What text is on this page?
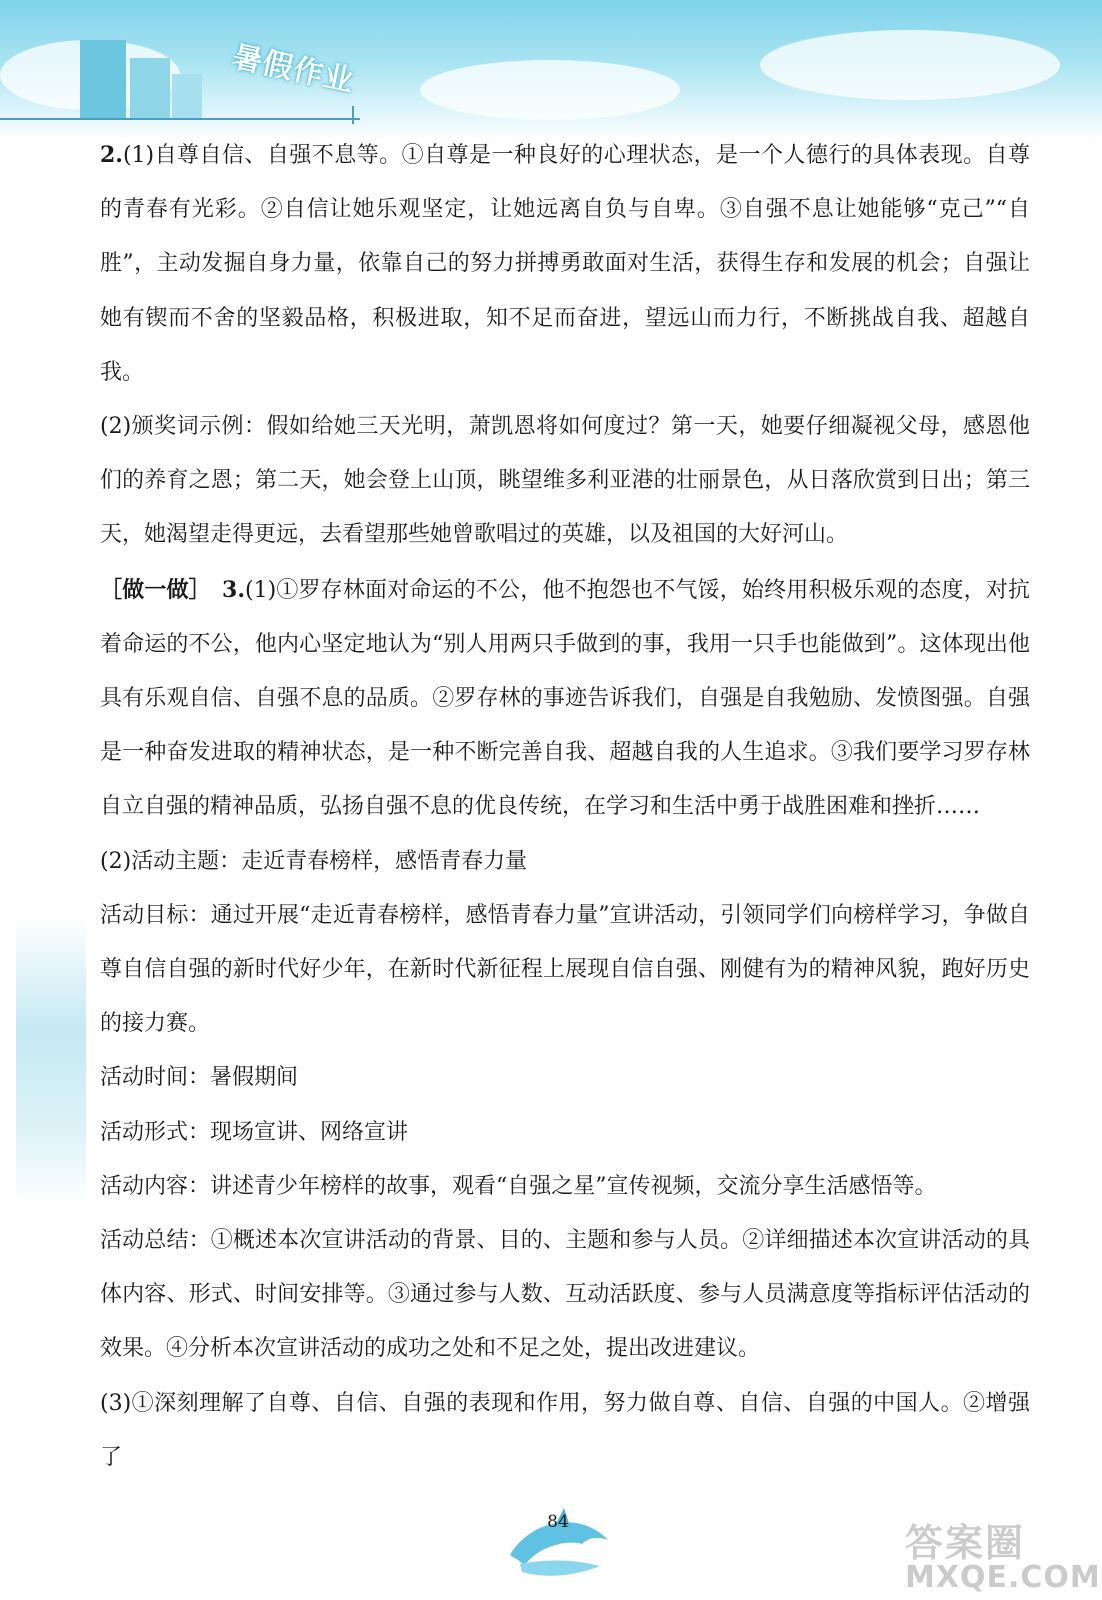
暑假作业

2.(1)自尊自信、自强不息等。①自尊是一种良好的心理状态，是一个人德行的具体表现。自尊的青春有光彩。②自信让她乐观坚定，让她远离自负与自卑。③自强不息让她能够“克己”“自胜”，主动发掘自身力量，依靠自己的努力拼搏勇敢面对生活，获得生存和发展的机会；自强让她有锲而不舍的坚毅品格，积极进取，知不足而奋进，望远山而力行，不断挑战自我、超越自我。

(2)颁奖词示例：假如给她三天光明，萧凯恩将如何度过？第一天，她要仔细凝视父母，感恩他们的养育之恩；第二天，她会登上山顶，眺望维多利亚港的壮丽景色，从日落欣赏到日出；第三天，她渴望走得更远，去看望那些她曾歌唱过的英雄，以及祖国的大好河山。

［做一做］　3.(1)①罗存林面对命运的不公，他不抱怨也不气馁，始终用积极乐观的态度，对抗着命运的不公，他内心坚定地认为“别人用两只手做到的事，我用一只手也能做到”。这体现出他具有乐观自信、自强不息的品质。②罗存林的事迹告诉我们，自强是自我勉励、发愤图强。自强是一种奋发进取的精神状态，是一种不断完善自我、超越自我的人生追求。③我们要学习罗存林自立自强的精神品质，弘扬自强不息的优良传统，在学习和生活中勇于战胜困难和挫折……

(2)活动主题：走近青春榜样，感悟青春力量

活动目标：通过开展“走近青春榜样，感悟青春力量”宣讲活动，引领同学们向榜样学习，争做自尊自信自强的新时代好少年，在新时代新征程上展现自信自强、刚健有为的精神风貌，跑好历史的接力赛。

活动时间：暑假期间

活动形式：现场宣讲、网络宣讲

活动内容：讲述青少年榜样的故事，观看“自强之星”宣传视频，交流分享生活感悟等。

活动总结：①概述本次宣讲活动的背景、目的、主题和参与人员。②详细描述本次宣讲活动的具体内容、形式、时间安排等。③通过参与人数、互动活跃度、参与人员满意度等指标评估活动的效果。④分析本次宣讲活动的成功之处和不足之处，提出改进建议。

(3)①深刻理解了自尊、自信、自强的表现和作用，努力做自尊、自信、自强的中国人。②增强了

84	答案圈
MXQE.COM
